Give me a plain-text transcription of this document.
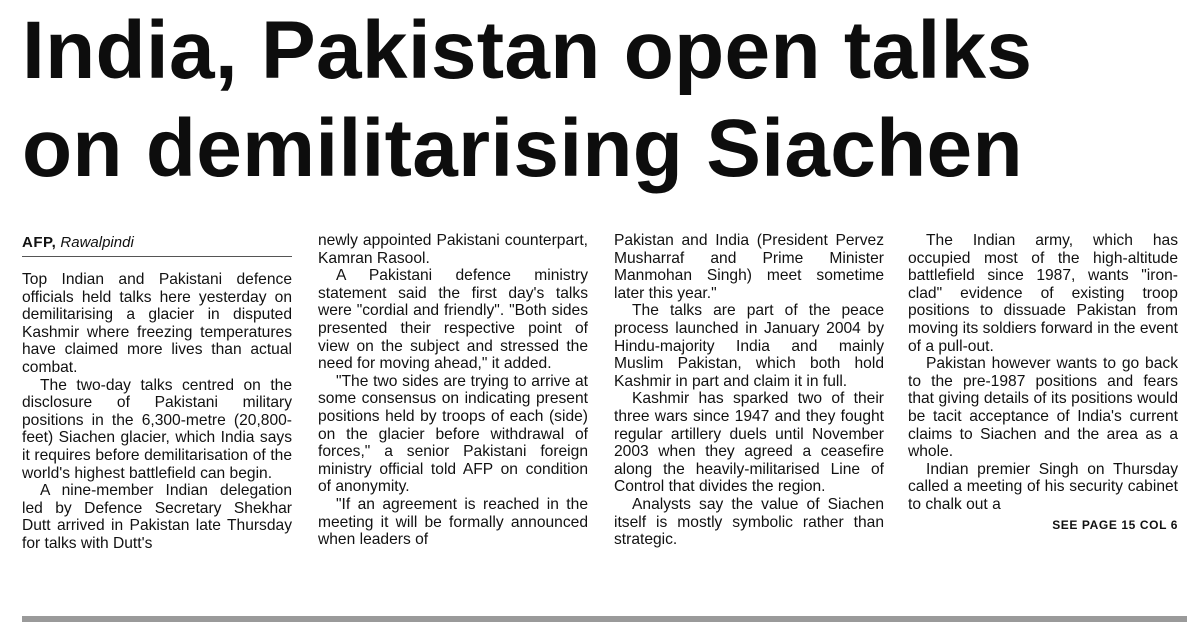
India, Pakistan open talks
on demilitarising Siachen
AFP, Rawalpindi

Top Indian and Pakistani defence officials held talks here yesterday on demilitarising a glacier in disputed Kashmir where freezing temperatures have claimed more lives than actual combat.

The two-day talks centred on the disclosure of Pakistani military positions in the 6,300-metre (20,800-feet) Siachen glacier, which India says it requires before demilitarisation of the world's highest battlefield can begin.

A nine-member Indian delegation led by Defence Secretary Shekhar Dutt arrived in Pakistan late Thursday for talks with Dutt's

newly appointed Pakistani counterpart, Kamran Rasool.

A Pakistani defence ministry statement said the first day's talks were "cordial and friendly". "Both sides presented their respective point of view on the subject and stressed the need for moving ahead," it added.

"The two sides are trying to arrive at some consensus on indicating present positions held by troops of each (side) on the glacier before withdrawal of forces," a senior Pakistani foreign ministry official told AFP on condition of anonymity.

"If an agreement is reached in the meeting it will be formally announced when leaders of

Pakistan and India (President Pervez Musharraf and Prime Minister Manmohan Singh) meet sometime later this year."

The talks are part of the peace process launched in January 2004 by Hindu-majority India and mainly Muslim Pakistan, which both hold Kashmir in part and claim it in full.

Kashmir has sparked two of their three wars since 1947 and they fought regular artillery duels until November 2003 when they agreed a ceasefire along the heavily-militarised Line of Control that divides the region.

Analysts say the value of Siachen itself is mostly symbolic rather than strategic.

The Indian army, which has occupied most of the high-altitude battlefield since 1987, wants "iron-clad" evidence of existing troop positions to dissuade Pakistan from moving its soldiers forward in the event of a pull-out.

Pakistan however wants to go back to the pre-1987 positions and fears that giving details of its positions would be tacit acceptance of India's current claims to Siachen and the area as a whole.

Indian premier Singh on Thursday called a meeting of his security cabinet to chalk out a

SEE PAGE 15 COL 6
